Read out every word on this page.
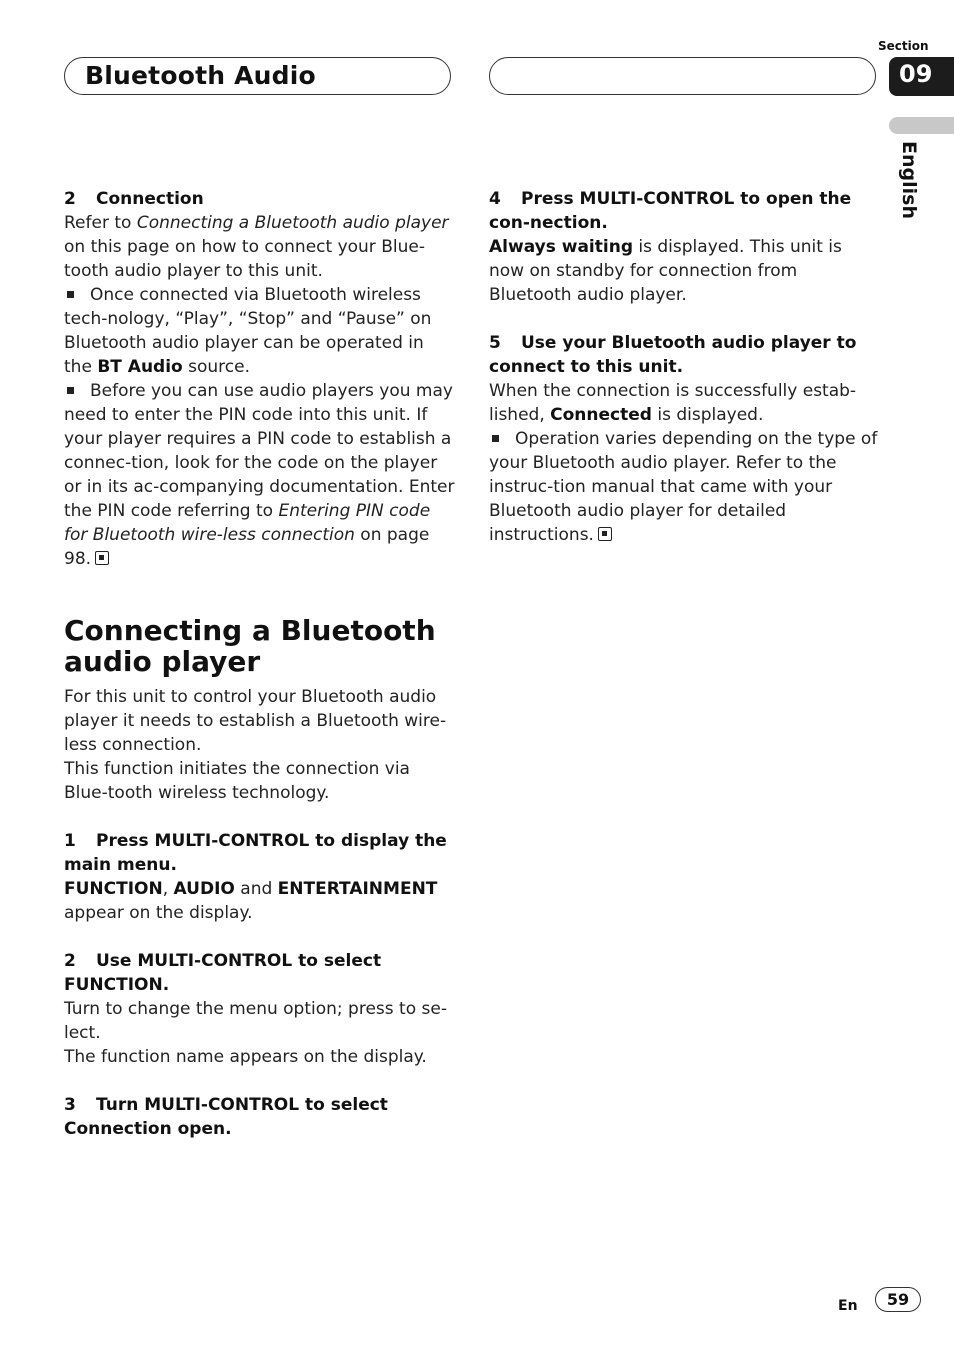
Bluetooth Audio
Section
09
English

2 Connection

Refer to Connecting a Bluetooth audio player on this page on how to connect your Blue-tooth audio player to this unit.

Once connected via Bluetooth wireless tech-nology, “Play”, “Stop” and “Pause” on Bluetooth audio player can be operated in the BT Audio source.

Before you can use audio players you may need to enter the PIN code into this unit. If your player requires a PIN code to establish a connec-tion, look for the code on the player or in its ac-companying documentation. Enter the PIN code referring to Entering PIN code for Bluetooth wire-less connection on page 98.

Connecting a Bluetooth audio player

For this unit to control your Bluetooth audio player it needs to establish a Bluetooth wire-less connection.

This function initiates the connection via Blue-tooth wireless technology.

1 Press MULTI-CONTROL to display the main menu.

FUNCTION, AUDIO and ENTERTAINMENT appear on the display.

2 Use MULTI-CONTROL to select FUNCTION.

Turn to change the menu option; press to se-lect.

The function name appears on the display.

3 Turn MULTI-CONTROL to select Connection open.

4 Press MULTI-CONTROL to open the con-nection.

Always waiting is displayed. This unit is now on standby for connection from Bluetooth audio player.

5 Use your Bluetooth audio player to connect to this unit.

When the connection is successfully estab-lished, Connected is displayed.

Operation varies depending on the type of your Bluetooth audio player. Refer to the instruc-tion manual that came with your Bluetooth audio player for detailed instructions.

En	59
